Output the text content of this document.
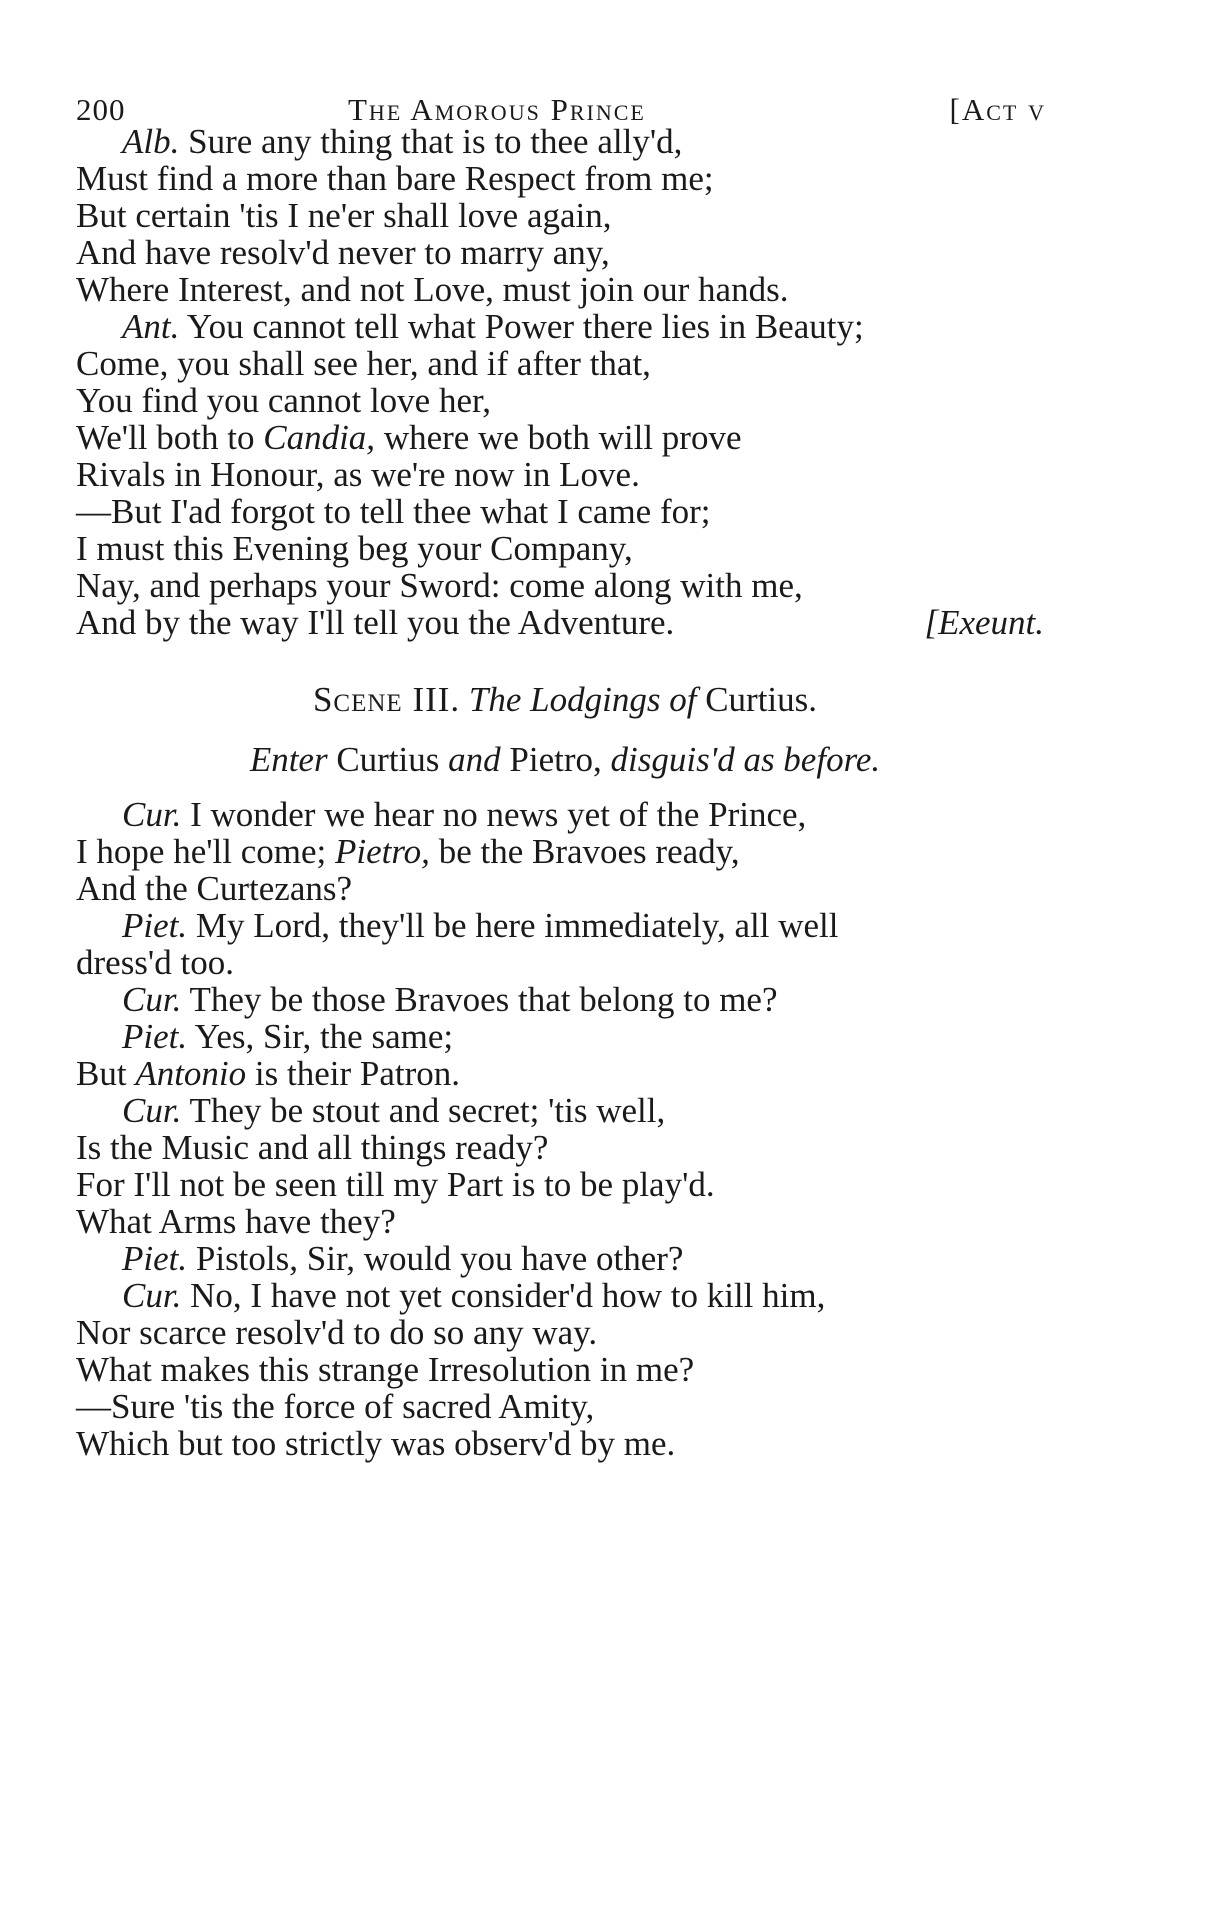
200	The Amorous Prince	[Act v
Alb. Sure any thing that is to thee ally'd,
Must find a more than bare Respect from me;
But certain 'tis I ne'er shall love again,
And have resolv'd never to marry any,
Where Interest, and not Love, must join our hands.
Ant. You cannot tell what Power there lies in Beauty;
Come, you shall see her, and if after that,
You find you cannot love her,
We'll both to Candia, where we both will prove
Rivals in Honour, as we're now in Love.
—But I'ad forgot to tell thee what I came for;
I must this Evening beg your Company,
Nay, and perhaps your Sword: come along with me,
And by the way I'll tell you the Adventure.	[Exeunt.
Scene III. The Lodgings of Curtius.
Enter Curtius and Pietro, disguis'd as before.
Cur. I wonder we hear no news yet of the Prince,
I hope he'll come; Pietro, be the Bravoes ready,
And the Curtezans?
Piet. My Lord, they'll be here immediately, all well
dress'd too.
Cur. They be those Bravoes that belong to me?
Piet. Yes, Sir, the same;
But Antonio is their Patron.
Cur. They be stout and secret; 'tis well,
Is the Music and all things ready?
For I'll not be seen till my Part is to be play'd.
What Arms have they?
Piet. Pistols, Sir, would you have other?
Cur. No, I have not yet consider'd how to kill him,
Nor scarce resolv'd to do so any way.
What makes this strange Irresolution in me?
—Sure 'tis the force of sacred Amity,
Which but too strictly was observ'd by me.
